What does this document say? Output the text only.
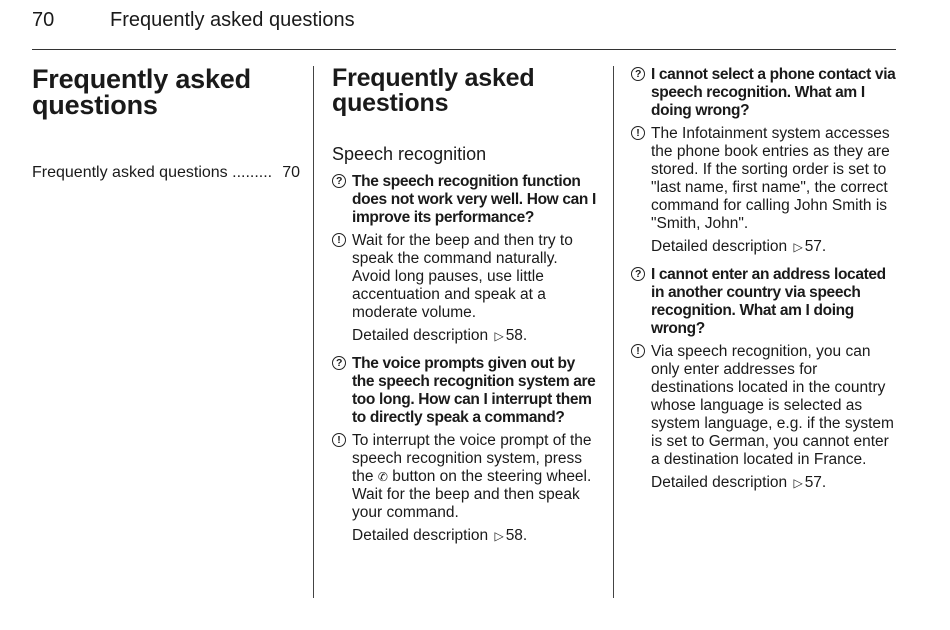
70	Frequently asked questions
Frequently asked questions
Frequently asked questions ......... 70
Frequently asked questions
Speech recognition
? The speech recognition function does not work very well. How can I improve its performance?
! Wait for the beep and then try to speak the command naturally. Avoid long pauses, use little accentuation and speak at a moderate volume.
Detailed description ▷ 58.
? The voice prompts given out by the speech recognition system are too long. How can I interrupt them to directly speak a command?
! To interrupt the voice prompt of the speech recognition system, press the ✆ button on the steering wheel. Wait for the beep and then speak your command.
Detailed description ▷ 58.
? I cannot select a phone contact via speech recognition. What am I doing wrong?
! The Infotainment system accesses the phone book entries as they are stored. If the sorting order is set to "last name, first name", the correct command for calling John Smith is "Smith, John".
Detailed description ▷ 57.
? I cannot enter an address located in another country via speech recognition. What am I doing wrong?
! Via speech recognition, you can only enter addresses for destinations located in the country whose language is selected as system language, e.g. if the system is set to German, you cannot enter a destination located in France.
Detailed description ▷ 57.
